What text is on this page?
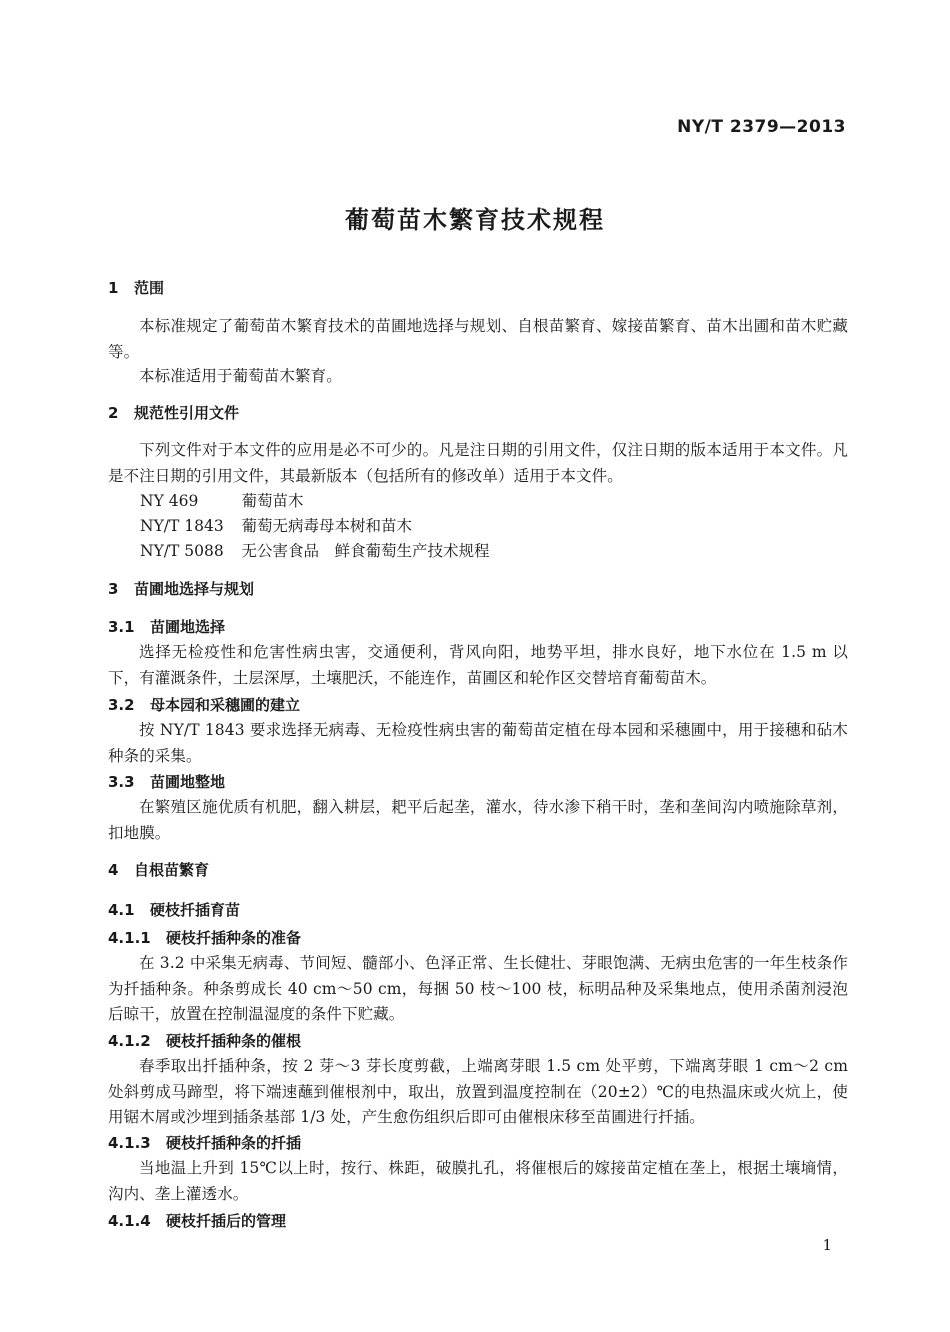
NY/T 2379—2013
葡萄苗木繁育技术规程
1 范围
本标准规定了葡萄苗木繁育技术的苗圃地选择与规划、自根苗繁育、嫁接苗繁育、苗木出圃和苗木贮藏等。
本标准适用于葡萄苗木繁育。
2 规范性引用文件
下列文件对于本文件的应用是必不可少的。凡是注日期的引用文件，仅注日期的版本适用于本文件。凡是不注日期的引用文件，其最新版本（包括所有的修改单）适用于本文件。
NY 469　	葡萄苗木
NY/T 1843　 葡萄无病毒母本树和苗木
NY/T 5088　 无公害食品　鲜食葡萄生产技术规程
3 苗圃地选择与规划
3.1 苗圃地选择
选择无检疫性和危害性病虫害，交通便利，背风向阳，地势平坦，排水良好，地下水位在 1.5 m 以下，有灌溉条件，土层深厚，土壤肥沃，不能连作，苗圃区和轮作区交替培育葡萄苗木。
3.2 母本园和采穗圃的建立
按 NY/T 1843 要求选择无病毒、无检疫性病虫害的葡萄苗定植在母本园和采穗圃中，用于接穗和砧木种条的采集。
3.3 苗圃地整地
在繁殖区施优质有机肥，翻入耕层，耙平后起垄，灌水，待水渗下稍干时，垄和垄间沟内喷施除草剂，扣地膜。
4 自根苗繁育
4.1 硬枝扦插育苗
4.1.1 硬枝扦插种条的准备
在 3.2 中采集无病毒、节间短、髓部小、色泽正常、生长健壮、芽眼饱满、无病虫危害的一年生枝条作为扦插种条。种条剪成长 40 cm～50 cm，每捆 50 枝～100 枝，标明品种及采集地点，使用杀菌剂浸泡后晾干，放置在控制温湿度的条件下贮藏。
4.1.2 硬枝扦插种条的催根
春季取出扦插种条，按 2 芽～3 芽长度剪截，上端离芽眼 1.5 cm 处平剪，下端离芽眼 1 cm～2 cm 处斜剪成马蹄型，将下端速蘸到催根剂中，取出，放置到温度控制在（20±2）℃的电热温床或火炕上，使用锯木屑或沙埋到插条基部 1/3 处，产生愈伤组织后即可由催根床移至苗圃进行扦插。
4.1.3 硬枝扦插种条的扦插
当地温上升到 15℃以上时，按行、株距，破膜扎孔，将催根后的嫁接苗定植在垄上，根据土壤墒情，沟内、垄上灌透水。
4.1.4 硬枝扦插后的管理
1
